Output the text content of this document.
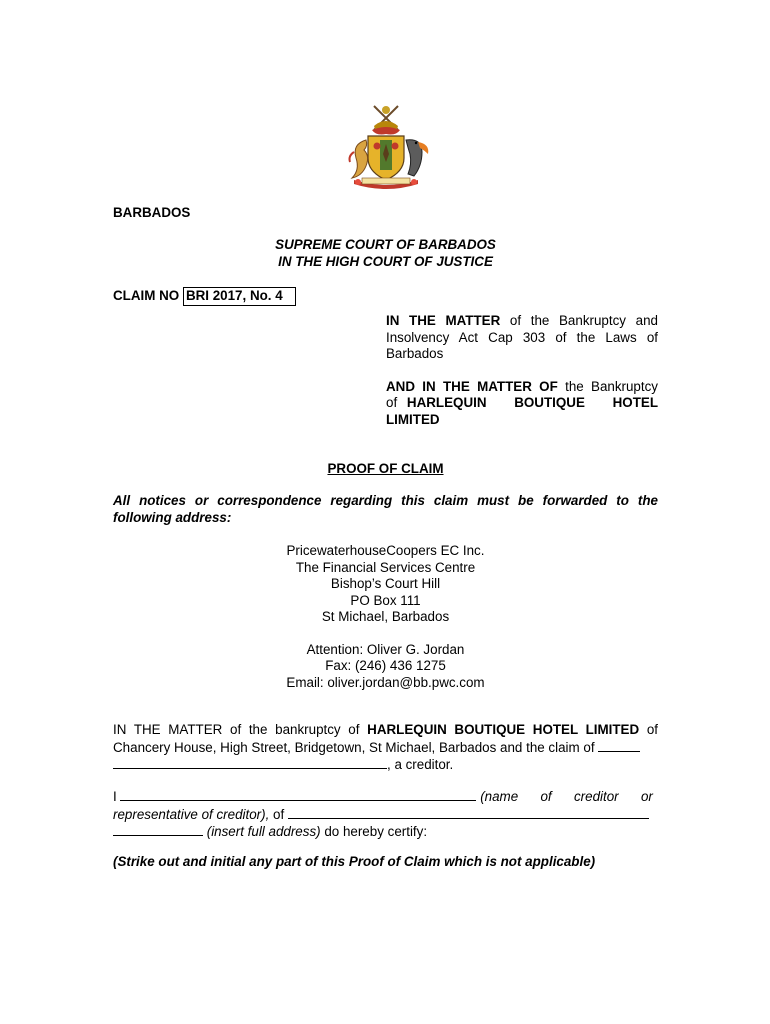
BARBADOS
SUPREME COURT OF BARBADOS
IN THE HIGH COURT OF JUSTICE
CLAIM NO BRI 2017, No. 4
IN THE MATTER of the Bankruptcy and
Insolvency Act Cap 303 of the Laws of
Barbados
AND IN THE MATTER OF the Bankruptcy
of HARLEQUIN BOUTIQUE HOTEL
LIMITED
PROOF OF CLAIM
All notices or correspondence regarding this claim must be forwarded to the
following address:
PricewaterhouseCoopers EC Inc.
The Financial Services Centre
Bishop’s Court Hill
PO Box 111
St Michael, Barbados
Attention: Oliver G. Jordan
Fax: (246) 436 1275
Email: oliver.jordan@bb.pwc.com
IN THE MATTER of the bankruptcy of HARLEQUIN BOUTIQUE HOTEL LIMITED of
Chancery House, High Street, Bridgetown, St Michael, Barbados and the claim of
, a creditor.
I	(name      of      creditor      or
representative of creditor), of
(insert full address) do hereby certify:
(Strike out and initial any part of this Proof of Claim which is not applicable)
